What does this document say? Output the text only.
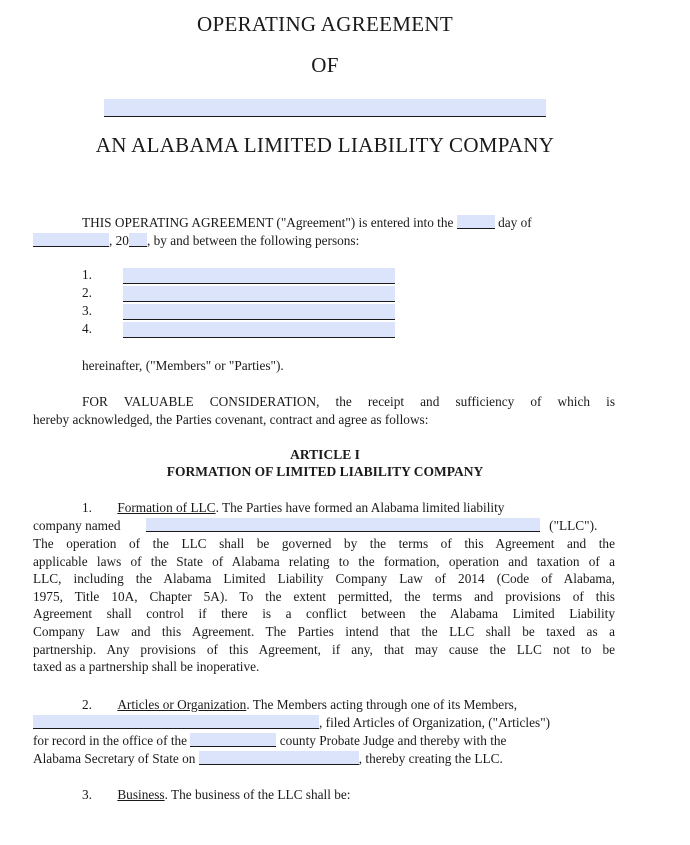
OPERATING AGREEMENT
OF
AN ALABAMA LIMITED LIABILITY COMPANY
THIS OPERATING AGREEMENT ("Agreement") is entered into the	day of
, 20 , by and between the following persons:
1.
2.
3.
4.
hereinafter, ("Members" or "Parties").
FOR VALUABLE CONSIDERATION, the receipt and sufficiency of which is
hereby acknowledged, the Parties covenant, contract and agree as follows:
ARTICLE I
FORMATION OF LIMITED LIABILITY COMPANY
1. Formation of LLC. The Parties have formed an Alabama limited liability
company named	("LLC").
The operation of the LLC shall be governed by the terms of this Agreement and the
applicable laws of the State of Alabama relating to the formation, operation and taxation of a
LLC, including the Alabama Limited Liability Company Law of 2014 (Code of Alabama,
1975, Title 10A, Chapter 5A). To the extent permitted, the terms and provisions of this
Agreement shall control if there is a conflict between the Alabama Limited Liability
Company Law and this Agreement. The Parties intend that the LLC shall be taxed as a
partnership. Any provisions of this Agreement, if any, that may cause the LLC not to be
taxed as a partnership shall be inoperative.
2. Articles or Organization. The Members acting through one of its Members,
, filed Articles of Organization, ("Articles")
for record in the office of the	county Probate Judge and thereby with the
Alabama Secretary of State on	, thereby creating the LLC.
3. Business. The business of the LLC shall be:
